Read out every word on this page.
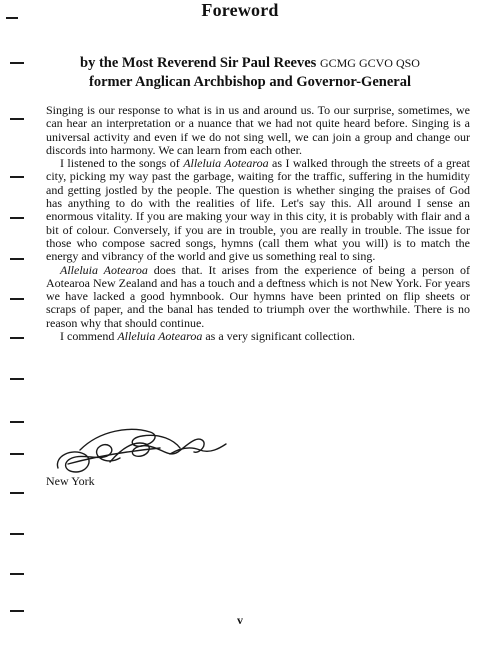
Foreword
by the Most Reverend Sir Paul Reeves GCMG GCVO QSO
former Anglican Archbishop and Governor-General

Singing is our response to what is in us and around us. To our surprise, sometimes, we can hear an interpretation or a nuance that we had not quite heard before. Singing is a universal activity and even if we do not sing well, we can join a group and change our discords into harmony. We can learn from each other.

I listened to the songs of Alleluia Aotearoa as I walked through the streets of a great city, picking my way past the garbage, waiting for the traffic, suffering in the humidity and getting jostled by the people. The question is whether singing the praises of God has anything to do with the realities of life. Let's say this. All around I sense an enormous vitality. If you are making your way in this city, it is probably with flair and a bit of colour. Conversely, if you are in trouble, you are really in trouble. The issue for those who compose sacred songs, hymns (call them what you will) is to match the energy and vibrancy of the world and give us something real to sing.

Alleluia Aotearoa does that. It arises from the experience of being a person of Aotearoa New Zealand and has a touch and a deftness which is not New York. For years we have lacked a good hymnbook. Our hymns have been printed on flip sheets or scraps of paper, and the banal has tended to triumph over the worthwhile. There is no reason why that should continue.

I commend Alleluia Aotearoa as a very significant collection.

New York
v
